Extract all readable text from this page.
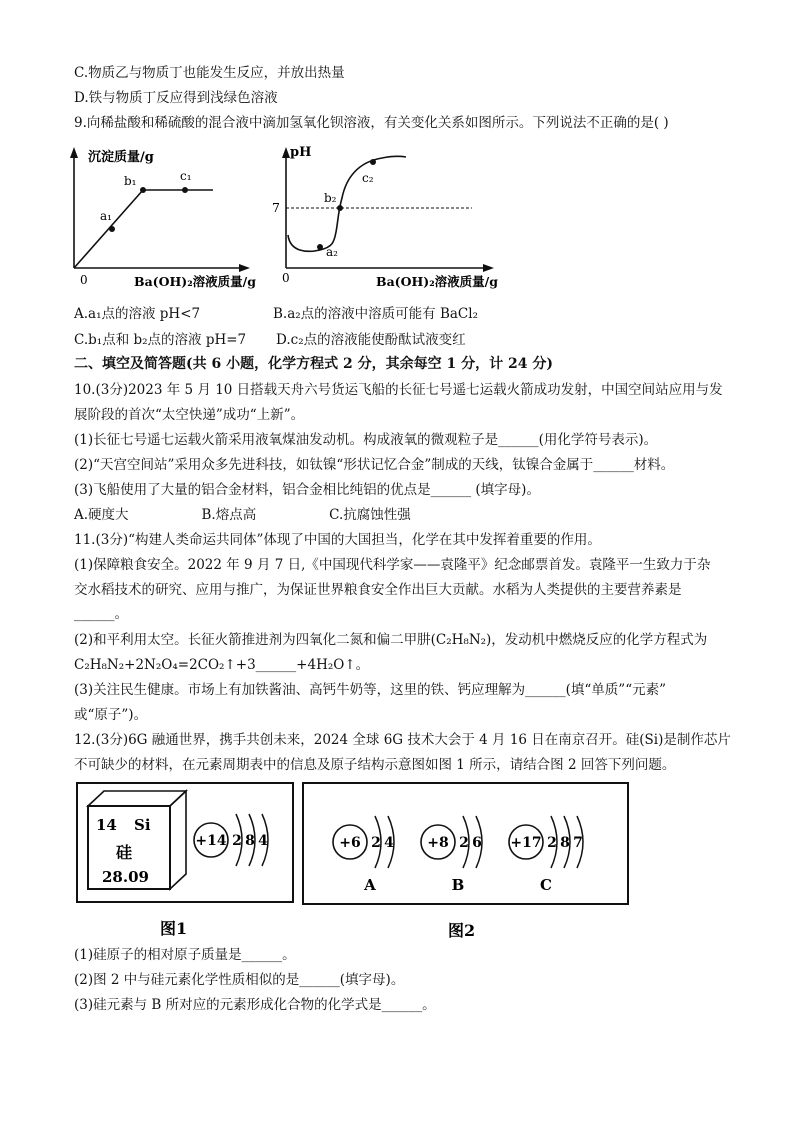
C.物质乙与物质丁也能发生反应，并放出热量
D.铁与物质丁反应得到浅绿色溶液
9.向稀盐酸和稀硫酸的混合液中滴加氢氧化钡溶液，有关变化关系如图所示。下列说法不正确的是( )
沉淀质量/g
Ba(OH)₂溶液质量/g
0
a₁
b₁	c₁
pH
7
Ba(OH)₂溶液质量/g
0
a₂
b₂
c₂
A.a₁点的溶液 pH<7	B.a₂点的溶液中溶质可能有 BaCl₂
C.b₁点和 b₂点的溶液 pH=7 D.c₂点的溶液能使酚酞试液变红
二、填空及简答题(共 6 小题，化学方程式 2 分，其余每空 1 分，计 24 分)
10.(3分)2023 年 5 月 10 日搭载天舟六号货运飞船的长征七号遥七运载火箭成功发射，中国空间站应用与发
展阶段的首次“太空快递”成功“上新”。
(1)长征七号遥七运载火箭采用液氧煤油发动机。构成液氧的微观粒子是______(用化学符号表示)。
(2)“天宫空间站”采用众多先进科技，如钛镍“形状记忆合金”制成的天线，钛镍合金属于______材料。
(3)飞船使用了大量的铝合金材料，铝合金相比纯铝的优点是______ (填字母)。
A.硬度大                 B.熔点高                 C.抗腐蚀性强
11.(3分)“构建人类命运共同体”体现了中国的大国担当，化学在其中发挥着重要的作用。
(1)保障粮食安全。2022 年 9 月 7 日,《中国现代科学家——袁隆平》纪念邮票首发。袁隆平一生致力于杂
交水稻技术的研究、应用与推广，为保证世界粮食安全作出巨大贡献。水稻为人类提供的主要营养素是
______。
(2)和平利用太空。长征火箭推进剂为四氧化二氮和偏二甲肼(C₂H₈N₂)，发动机中燃烧反应的化学方程式为
C₂H₈N₂+2N₂O₄=2CO₂↑+3______+4H₂O↑。
(3)关注民生健康。市场上有加铁酱油、高钙牛奶等，这里的铁、钙应理解为______(填“单质”“元素”
或“原子”)。
12.(3分)6G 融通世界，携手共创未来，2024 全球 6G 技术大会于 4 月 16 日在南京召开。硅(Si)是制作芯片
不可缺少的材料，在元素周期表中的信息及原子结构示意图如图 1 所示，请结合图 2 回答下列问题。
14 Si
硅
28.09
+14 2 8 4
图1
+6 2 4
A
+8 2 6
B
+17 2 8 7
C
图2
(1)硅原子的相对原子质量是______。
(2)图 2 中与硅元素化学性质相似的是______(填字母)。
(3)硅元素与 B 所对应的元素形成化合物的化学式是______。
